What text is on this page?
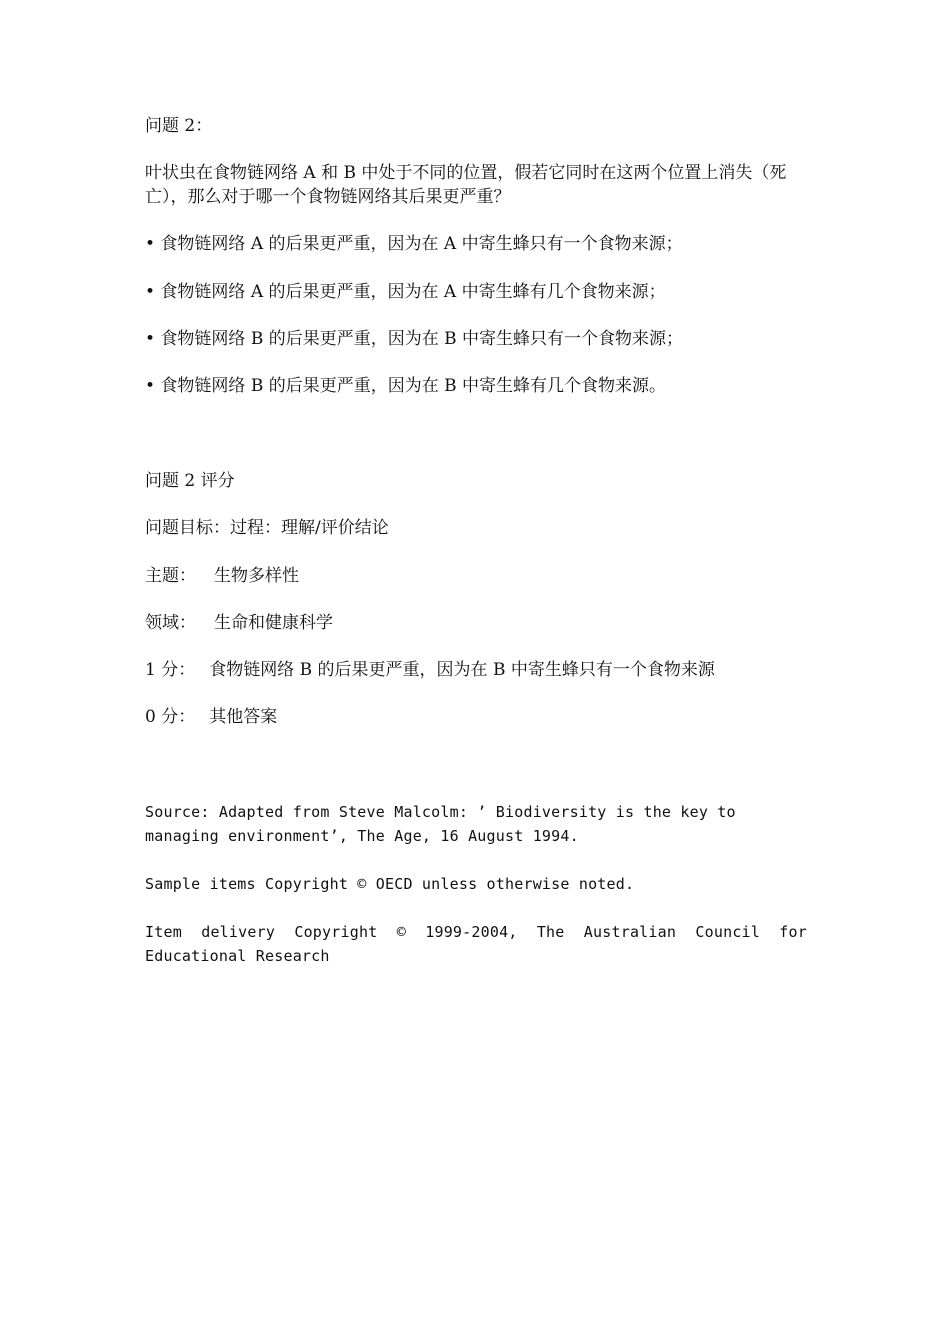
问题 2：
叶状虫在食物链网络 A 和 B 中处于不同的位置，假若它同时在这两个位置上消失（死亡），那么对于哪一个食物链网络其后果更严重？
• 食物链网络 A 的后果更严重，因为在 A 中寄生蜂只有一个食物来源；
• 食物链网络 A 的后果更严重，因为在 A 中寄生蜂有几个食物来源；
• 食物链网络 B 的后果更严重，因为在 B 中寄生蜂只有一个食物来源；
• 食物链网络 B 的后果更严重，因为在 B 中寄生蜂有几个食物来源。
问题 2 评分
问题目标：过程：理解/评价结论
主题： 生物多样性
领域： 生命和健康科学
1 分： 食物链网络 B 的后果更严重，因为在 B 中寄生蜂只有一个食物来源
0 分： 其他答案
Source: Adapted from Steve Malcolm: ’ Biodiversity is the key to managing environment’, The Age, 16 August 1994.
Sample items Copyright © OECD unless otherwise noted.
Item delivery Copyright © 1999-2004, The Australian Council for Educational Research
